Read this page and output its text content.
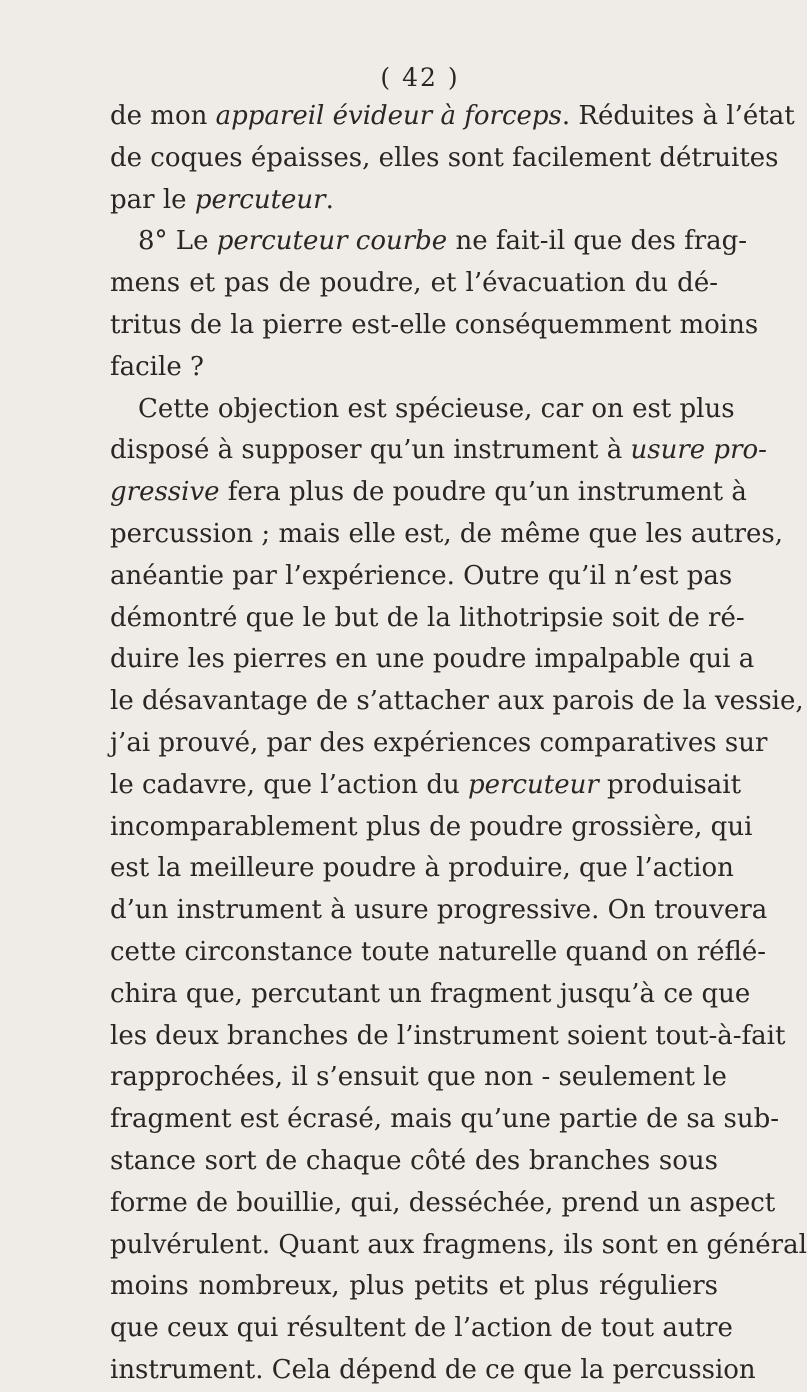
( 42 )
de mon appareil évideur à forceps. Réduites à l’état
de coques épaisses, elles sont facilement détruites
par le percuteur.
8° Le percuteur courbe ne fait-il que des frag-
mens et pas de poudre, et l’évacuation du dé-
tritus de la pierre est-elle conséquemment moins
facile ?
Cette objection est spécieuse, car on est plus
disposé à supposer qu’un instrument à usure pro-
gressive fera plus de poudre qu’un instrument à
percussion ; mais elle est, de même que les autres,
anéantie par l’expérience. Outre qu’il n’est pas
démontré que le but de la lithotripsie soit de ré-
duire les pierres en une poudre impalpable qui a
le désavantage de s’attacher aux parois de la vessie,
j’ai prouvé, par des expériences comparatives sur
le cadavre, que l’action du percuteur produisait
incomparablement plus de poudre grossière, qui
est la meilleure poudre à produire, que l’action
d’un instrument à usure progressive. On trouvera
cette circonstance toute naturelle quand on réflé-
chira que, percutant un fragment jusqu’à ce que
les deux branches de l’instrument soient tout-à-fait
rapprochées, il s’ensuit que non - seulement le
fragment est écrasé, mais qu’une partie de sa sub-
stance sort de chaque côté des branches sous
forme de bouillie, qui, desséchée, prend un aspect
pulvérulent. Quant aux fragmens, ils sont en général
moins nombreux, plus petits et plus réguliers
que ceux qui résultent de l’action de tout autre
instrument. Cela dépend de ce que la percussion
